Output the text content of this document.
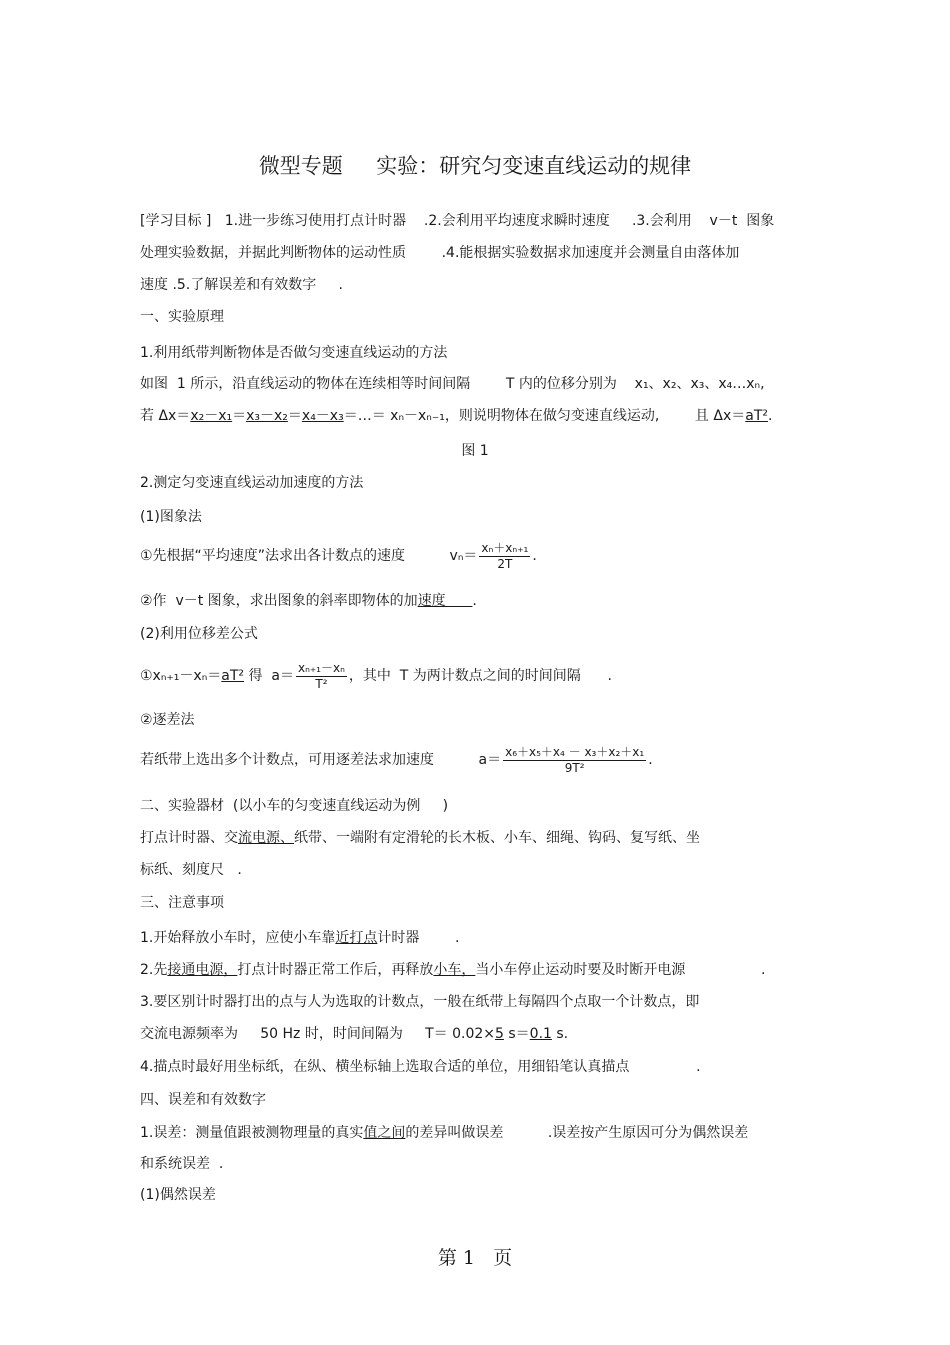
微型专题     实验：研究匀变速直线运动的规律
[学习目标 ]   1.进一步练习使用打点计时器    .2.会利用平均速度求瞬时速度     .3.会利用    v－t  图象
处理实验数据，并据此判断物体的运动性质        .4.能根据实验数据求加速度并会测量自由落体加
速度 .5.了解误差和有效数字     .
一、实验原理
1.利用纸带判断物体是否做匀变速直线运动的方法
如图  1 所示，沿直线运动的物体在连续相等时间间隔        T 内的位移分别为    x₁、x₂、x₃、x₄…xₙ,
若 Δx＝x₂－x₁＝x₃－x₂＝x₄－x₃＝…＝ xₙ－xₙ₋₁，则说明物体在做匀变速直线运动,        且 Δx＝aT².
图 1
2.测定匀变速直线运动加速度的方法
(1)图象法
①先根据“平均速度”法求出各计数点的速度          $v_n= \frac{\text{xₙ＋xₙ₊₁}}{2T}$ .
②作  v－t 图象，求出图象的斜率即物体的加速度      .
(2)利用位移差公式
①xₙ₊₁－xₙ＝aT² 得  $a= \frac{\text{xₙ₊₁－xₙ}}{\text{T²}}$ ，其中  T 为两计数点之间的时间间隔      .
②逐差法
若纸带上选出多个计数点，可用逐差法求加速度          $a= \frac{\text{x₆＋x₅＋x₄ － x₃＋x₂＋x₁}}{\text{9T²}}$ .
二、实验器材  (以小车的匀变速直线运动为例     )
打点计时器、交流电源、纸带、一端附有定滑轮的长木板、小车、细绳、钩码、复写纸、坐
标纸、刻度尺   .
三、注意事项
1.开始释放小车时，应使小车靠近打点计时器        .
2.先接通电源，打点计时器正常工作后，再释放小车，当小车停止运动时要及时断开电源                 .
3.要区别计时器打出的点与人为选取的计数点，一般在纸带上每隔四个点取一个计数点，即
交流电源频率为     50 Hz 时，时间间隔为     T＝ 0.02×5 s＝0.1 s.
4.描点时最好用坐标纸，在纵、横坐标轴上选取合适的单位，用细铅笔认真描点               .
四、误差和有效数字
1.误差：测量值跟被测物理量的真实值之间的差异叫做误差          .误差按产生原因可分为偶然误差
和系统误差  .
(1)偶然误差
第 1   页
